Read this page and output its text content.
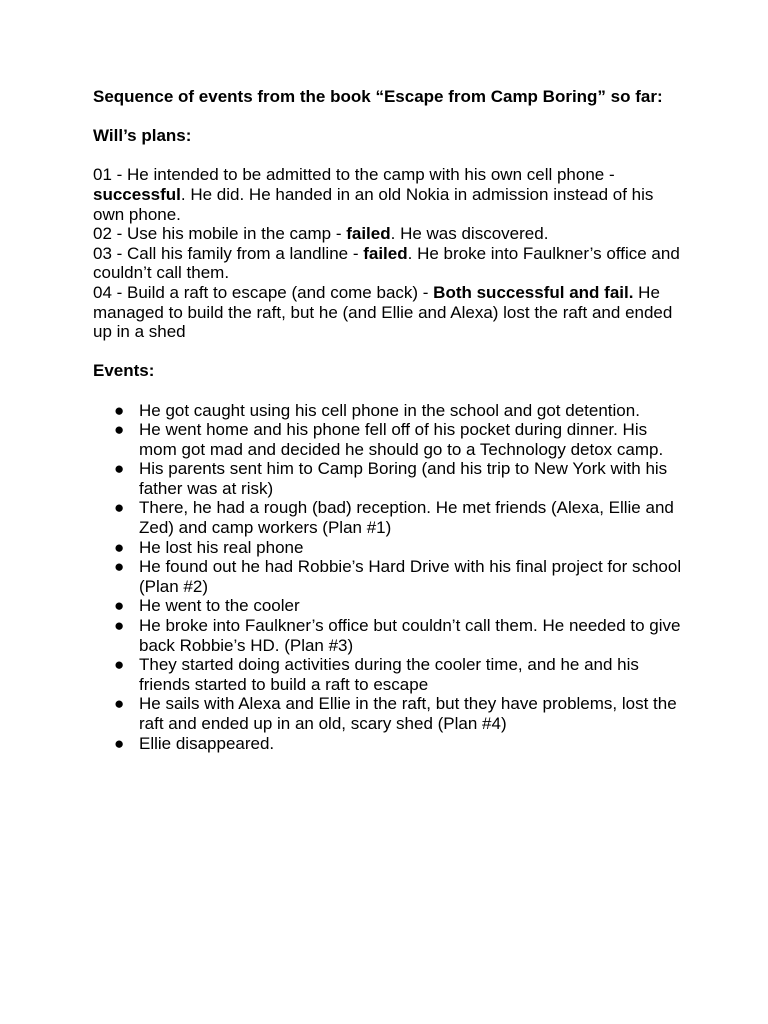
Sequence of events from the book “Escape from Camp Boring” so far:

Will’s plans:

01 - He intended to be admitted to the camp with his own cell phone - successful. He did. He handed in an old Nokia in admission instead of his own phone.

02 - Use his mobile in the camp - failed. He was discovered.

03 - Call his family from a landline - failed. He broke into Faulkner’s office and couldn’t call them.

04 - Build a raft to escape (and come back) - Both successful and fail. He managed to build the raft, but he (and Ellie and Alexa) lost the raft and ended up in a shed

Events:

● He got caught using his cell phone in the school and got detention.
● He went home and his phone fell off of his pocket during dinner. His mom got mad and decided he should go to a Technology detox camp.
● His parents sent him to Camp Boring (and his trip to New York with his father was at risk)
● There, he had a rough (bad) reception. He met friends (Alexa, Ellie and Zed) and camp workers (Plan #1)
● He lost his real phone
● He found out he had Robbie’s Hard Drive with his final project for school (Plan #2)
● He went to the cooler
● He broke into Faulkner’s office but couldn’t call them. He needed to give back Robbie’s HD. (Plan #3)
● They started doing activities during the cooler time, and he and his friends started to build a raft to escape
● He sails with Alexa and Ellie in the raft, but they have problems, lost the raft and ended up in an old, scary shed (Plan #4)
● Ellie disappeared.
